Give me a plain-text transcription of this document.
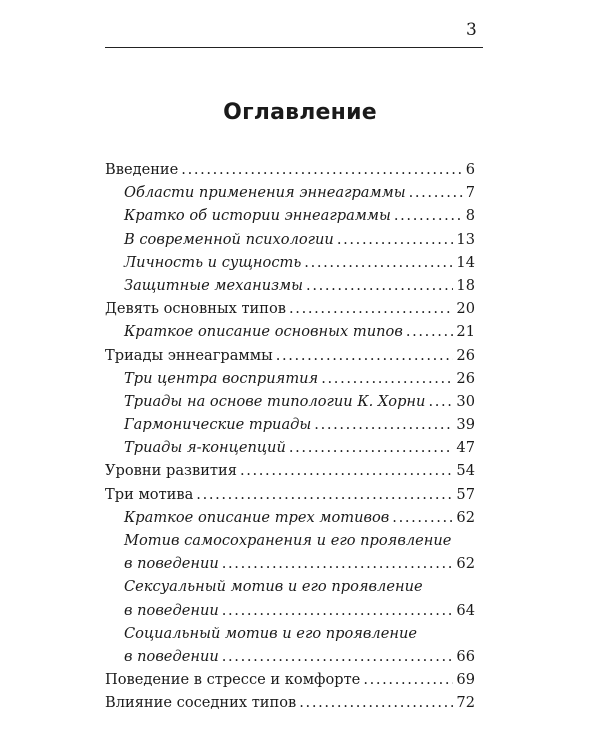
3
Оглавление
Введение . . .	6
Области применения эннеаграммы . . .	7
Кратко об истории эннеаграммы . . .	8
В современной психологии . . .	13
Личность и сущность . . .	14
Защитные механизмы . . .	18
Девять основных типов . . .	20
Краткое описание основных типов . . .	21
Триады эннеаграммы . . .	26
Три центра восприятия . . .	26
Триады на основе типологии К. Хорни . . . 30
Гармонические триады . . .	39
Триады я-концепций . . .	47
Уровни развития . . .	54
Три мотива . . .	57
Краткое описание трех мотивов . . .	62
Мотив самосохранения и его проявление
в поведении . . .	62
Сексуальный мотив и его проявление
в поведении . . .	64
Социальный мотив и его проявление
в поведении . . .	66
Поведение в стрессе и комфорте . . .	69
Влияние соседних типов . . .	72
